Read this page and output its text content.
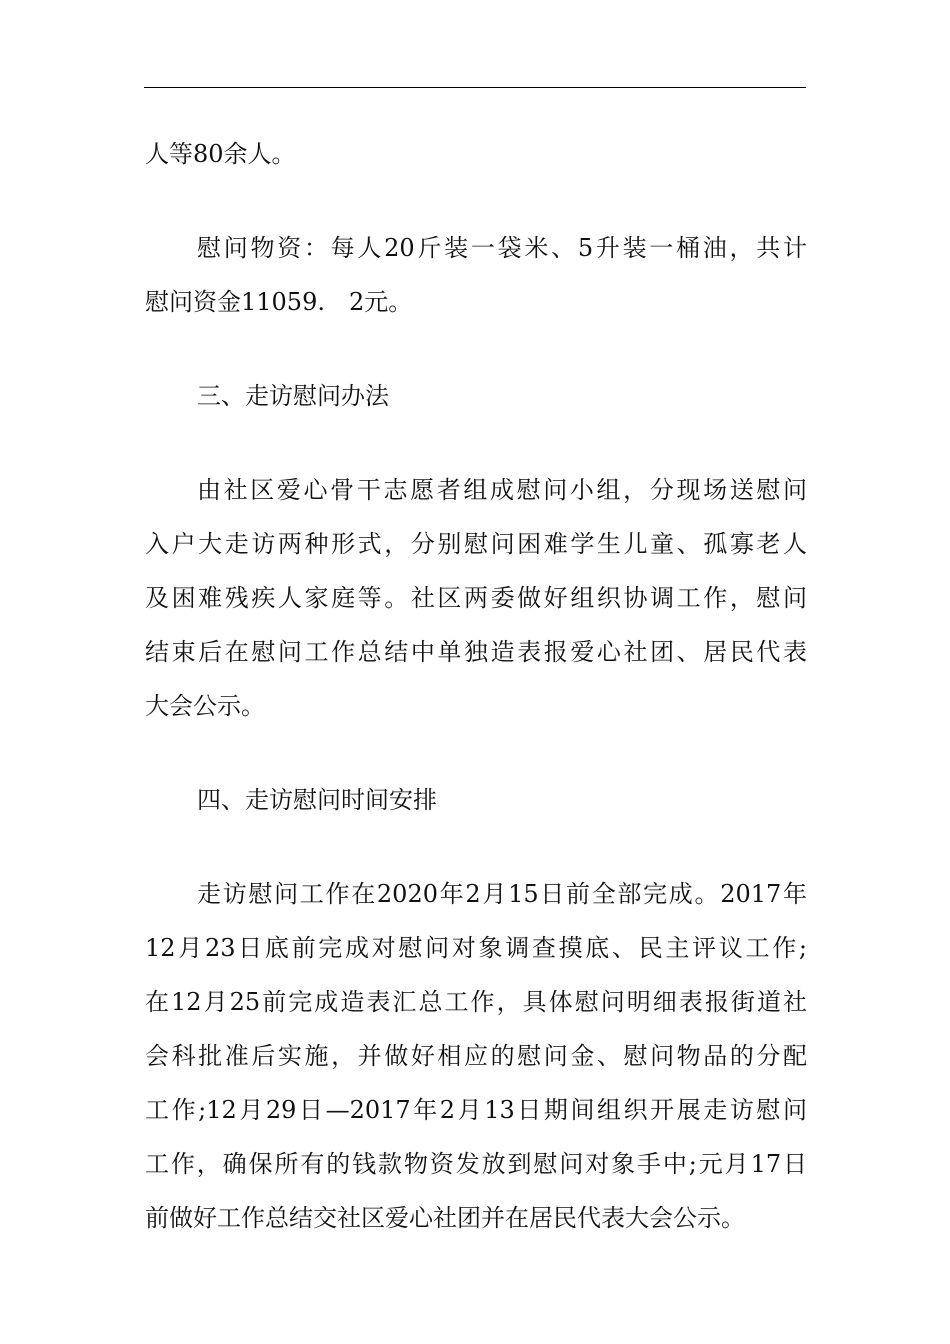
人等80余人。
慰问物资：每人20斤装一袋米、5升装一桶油，共计
慰问资金11059.　2元。
三、走访慰问办法
由社区爱心骨干志愿者组成慰问小组，分现场送慰问
入户大走访两种形式，分别慰问困难学生儿童、孤寡老人
及困难残疾人家庭等。社区两委做好组织协调工作，慰问
结束后在慰问工作总结中单独造表报爱心社团、居民代表
大会公示。
四、走访慰问时间安排
走访慰问工作在2020年2月15日前全部完成。2017年
12月23日底前完成对慰问对象调查摸底、民主评议工作;
在12月25前完成造表汇总工作，具体慰问明细表报街道社
会科批准后实施，并做好相应的慰问金、慰问物品的分配
工作;12月29日—2017年2月13日期间组织开展走访慰问
工作，确保所有的钱款物资发放到慰问对象手中;元月17日
前做好工作总结交社区爱心社团并在居民代表大会公示。
